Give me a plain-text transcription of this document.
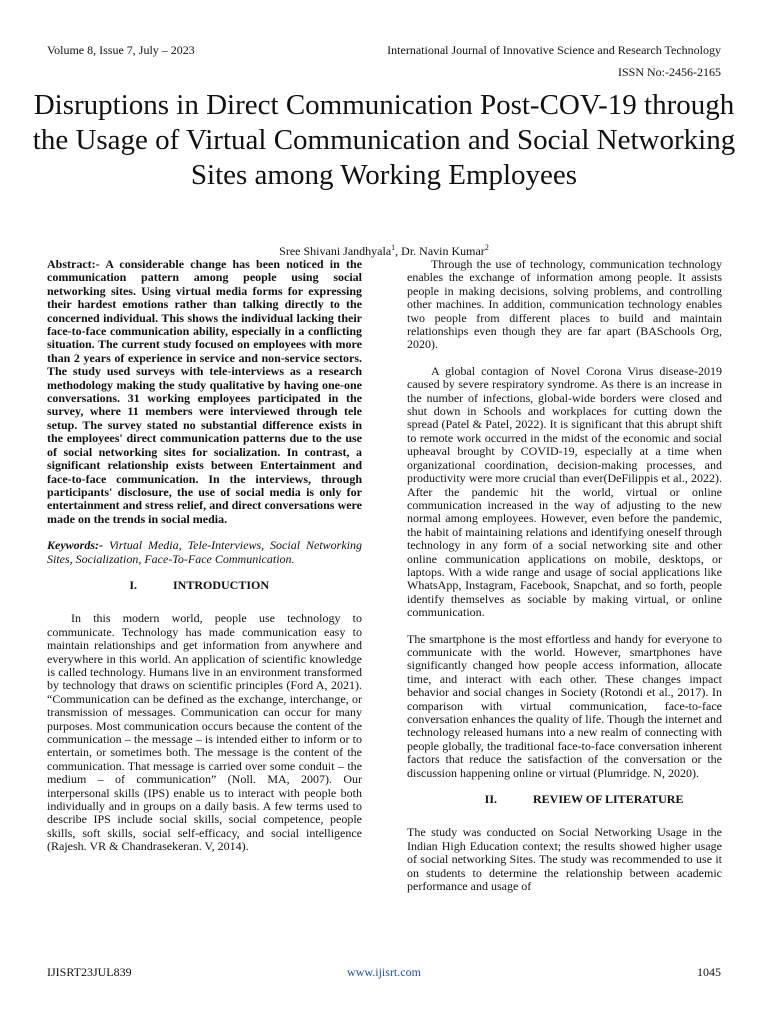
Volume 8, Issue 7, July – 2023	International Journal of Innovative Science and Research Technology
ISSN No:-2456-2165
Disruptions in Direct Communication Post-COV-19 through the Usage of Virtual Communication and Social Networking Sites among Working Employees
Sree Shivani Jandhyala$^1$, Dr. Navin Kumar$^2$

Abstract:- A considerable change has been noticed in the communication pattern among people using social networking sites. Using virtual media forms for expressing their hardest emotions rather than talking directly to the concerned individual. This shows the individual lacking their face-to-face communication ability, especially in a conflicting situation. The current study focused on employees with more than 2 years of experience in service and non-service sectors. The study used surveys with tele-interviews as a research methodology making the study qualitative by having one-one conversations. 31 working employees participated in the survey, where 11 members were interviewed through tele setup. The survey stated no substantial difference exists in the employees' direct communication patterns due to the use of social networking sites for socialization. In contrast, a significant relationship exists between Entertainment and face-to-face communication. In the interviews, through participants' disclosure, the use of social media is only for entertainment and stress relief, and direct conversations were made on the trends in social media.

Keywords:- Virtual Media, Tele-Interviews, Social Networking Sites, Socialization, Face-To-Face Communication.

I.	INTRODUCTION

In this modern world, people use technology to communicate. Technology has made communication easy to maintain relationships and get information from anywhere and everywhere in this world. An application of scientific knowledge is called technology. Humans live in an environment transformed by technology that draws on scientific principles (Ford A, 2021). “Communication can be defined as the exchange, interchange, or transmission of messages. Communication can occur for many purposes. Most communication occurs because the content of the communication – the message – is intended either to inform or to entertain, or sometimes both. The message is the content of the communication. That message is carried over some conduit – the medium – of communication” (Noll. MA, 2007). Our interpersonal skills (IPS) enable us to interact with people both individually and in groups on a daily basis. A few terms used to describe IPS include social skills, social competence, people skills, soft skills, social self-efficacy, and social intelligence (Rajesh. VR & Chandrasekeran. V, 2014).

Through the use of technology, communication technology enables the exchange of information among people. It assists people in making decisions, solving problems, and controlling other machines. In addition, communication technology enables two people from different places to build and maintain relationships even though they are far apart (BASchools Org, 2020).

A global contagion of Novel Corona Virus disease-2019 caused by severe respiratory syndrome. As there is an increase in the number of infections, global-wide borders were closed and shut down in Schools and workplaces for cutting down the spread (Patel & Patel, 2022). It is significant that this abrupt shift to remote work occurred in the midst of the economic and social upheaval brought by COVID-19, especially at a time when organizational coordination, decision-making processes, and productivity were more crucial than ever(DeFilippis et al., 2022). After the pandemic hit the world, virtual or online communication increased in the way of adjusting to the new normal among employees. However, even before the pandemic, the habit of maintaining relations and identifying oneself through technology in any form of a social networking site and other online communication applications on mobile, desktops, or laptops. With a wide range and usage of social applications like WhatsApp, Instagram, Facebook, Snapchat, and so forth, people identify themselves as sociable by making virtual, or online communication.

The smartphone is the most effortless and handy for everyone to communicate with the world. However, smartphones have significantly changed how people access information, allocate time, and interact with each other. These changes impact behavior and social changes in Society (Rotondi et al., 2017). In comparison with virtual communication, face-to-face conversation enhances the quality of life. Though the internet and technology released humans into a new realm of connecting with people globally, the traditional face-to-face conversation inherent factors that reduce the satisfaction of the conversation or the discussion happening online or virtual (Plumridge. N, 2020).

II.	REVIEW OF LITERATURE

The study was conducted on Social Networking Usage in the Indian High Education context; the results showed higher usage of social networking Sites. The study was recommended to use it on students to determine the relationship between academic performance and usage of

IJISRT23JUL839	www.ijisrt.com	1045
